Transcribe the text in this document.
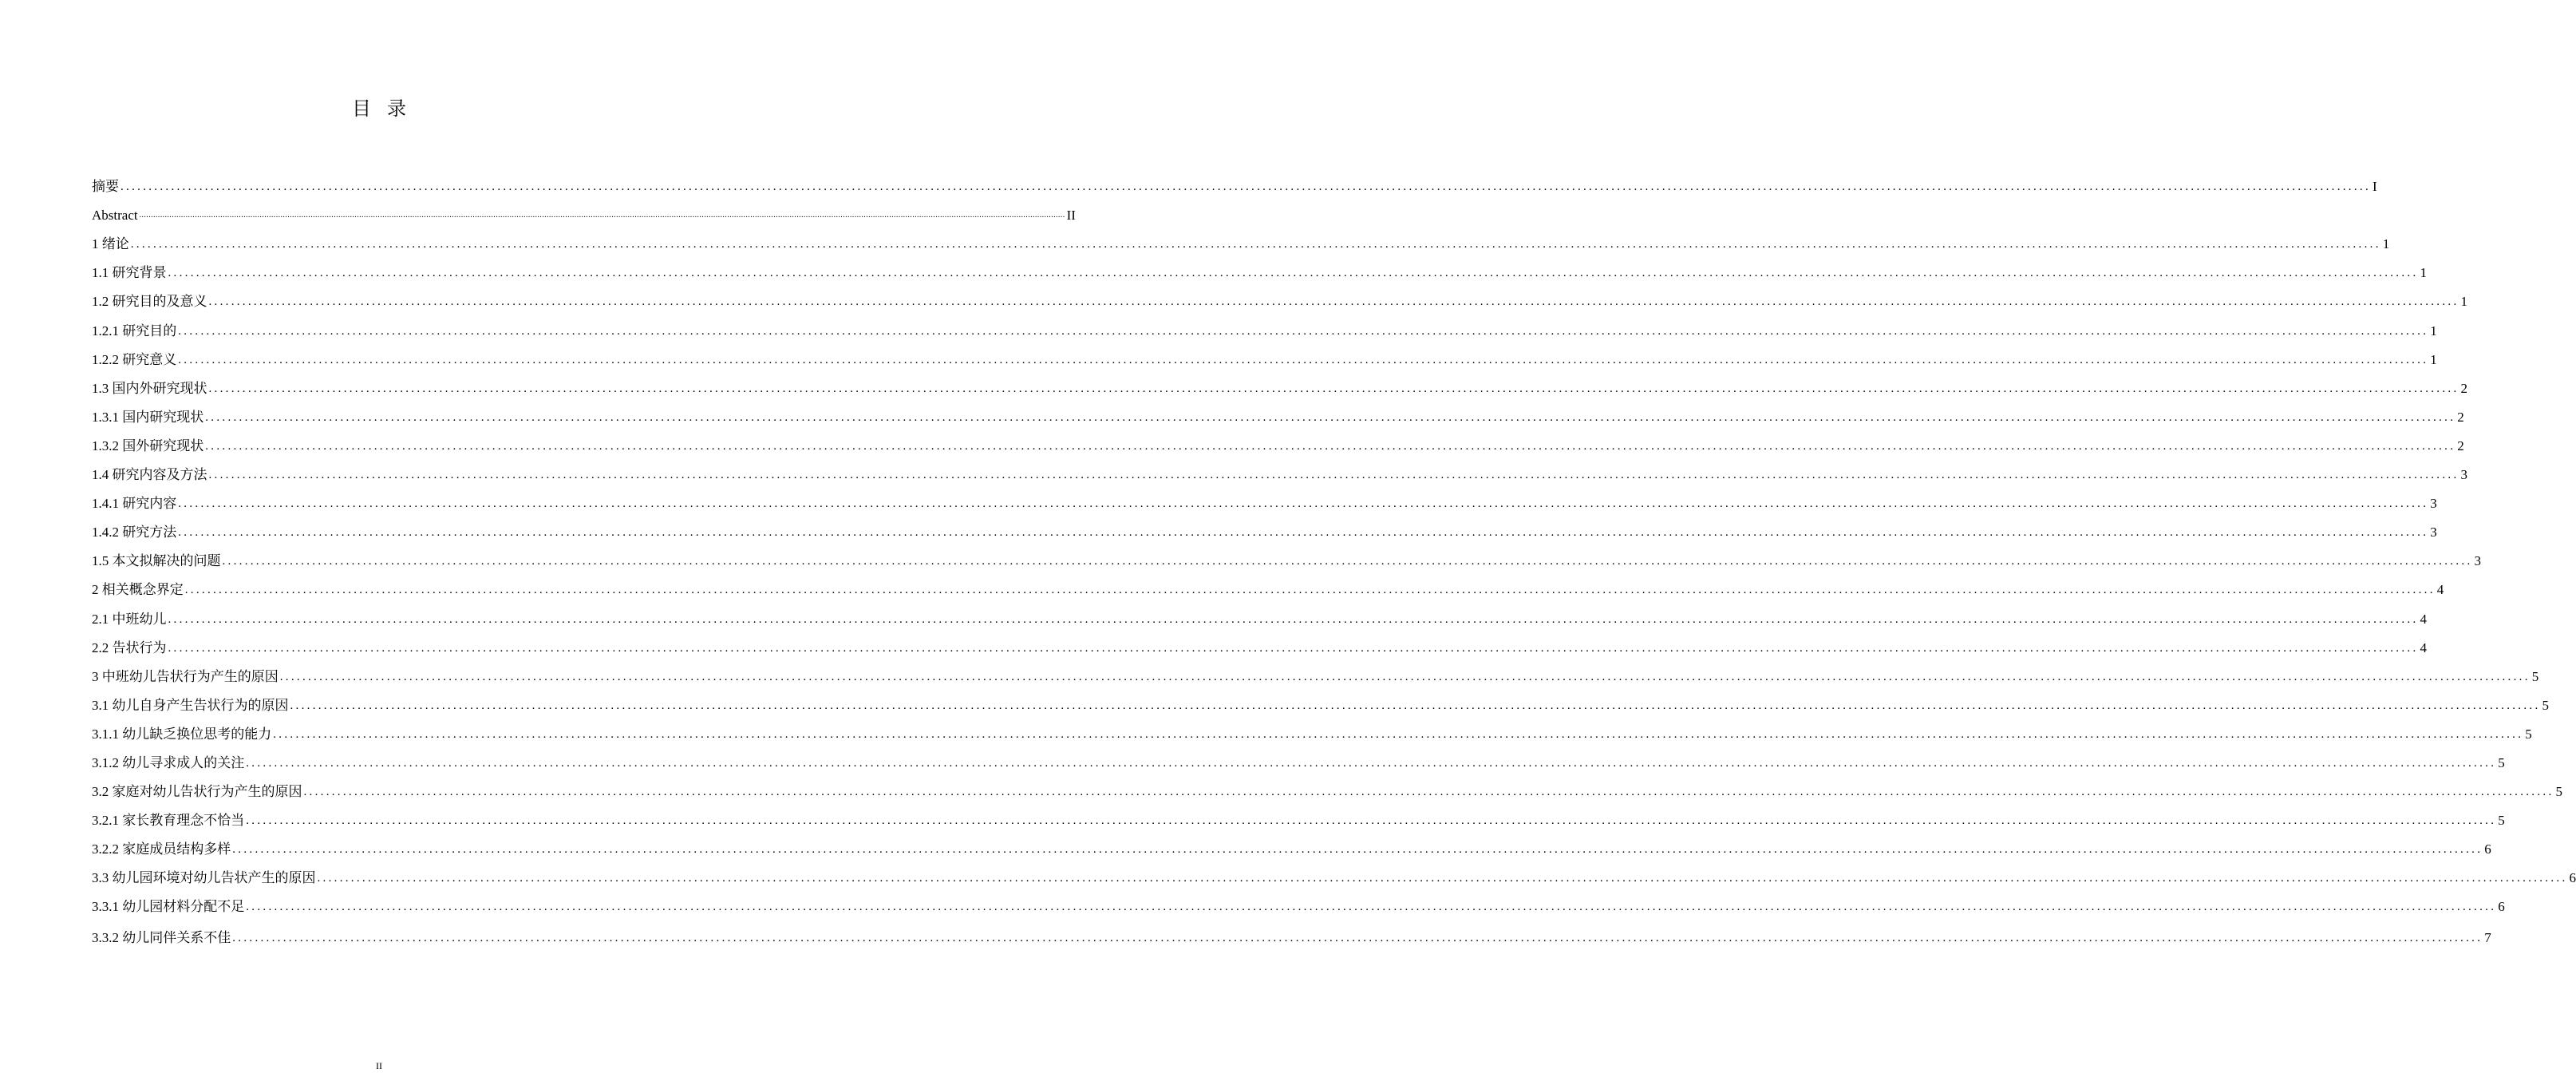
目录
摘要 ................................................................................................................................................................................................................................................................................................................................................................................................................ I
Abstract ................................................................................................................................................................................................................................................................................................................................................................................................................ II
1 绪论 ................................................................................................................................................................................................................................................................................................................................................................................................................ 1
1.1 研究背景 ................................................................................................................................................................................................................................................................................................................................................................................................................ 1
1.2 研究目的及意义 ................................................................................................................................................................................................................................................................................................................................................................................................................ 1
1.2.1 研究目的 ................................................................................................................................................................................................................................................................................................................................................................................................................ 1
1.2.2 研究意义 ................................................................................................................................................................................................................................................................................................................................................................................................................ 1
1.3 国内外研究现状 ................................................................................................................................................................................................................................................................................................................................................................................................................ 2
1.3.1 国内研究现状 ................................................................................................................................................................................................................................................................................................................................................................................................................ 2
1.3.2 国外研究现状 ................................................................................................................................................................................................................................................................................................................................................................................................................ 2
1.4 研究内容及方法 ................................................................................................................................................................................................................................................................................................................................................................................................................ 3
1.4.1 研究内容 ................................................................................................................................................................................................................................................................................................................................................................................................................ 3
1.4.2 研究方法 ................................................................................................................................................................................................................................................................................................................................................................................................................ 3
1.5 本文拟解决的问题 ................................................................................................................................................................................................................................................................................................................................................................................................................ 3
2 相关概念界定 ................................................................................................................................................................................................................................................................................................................................................................................................................ 4
2.1 中班幼儿 ................................................................................................................................................................................................................................................................................................................................................................................................................ 4
2.2 告状行为 ................................................................................................................................................................................................................................................................................................................................................................................................................ 4
3 中班幼儿告状行为产生的原因 ................................................................................................................................................................................................................................................................................................................................................................................................................ 5
3.1 幼儿自身产生告状行为的原因 ................................................................................................................................................................................................................................................................................................................................................................................................................ 5
3.1.1 幼儿缺乏换位思考的能力 ................................................................................................................................................................................................................................................................................................................................................................................................................ 5
3.1.2 幼儿寻求成人的关注 ................................................................................................................................................................................................................................................................................................................................................................................................................ 5
3.2 家庭对幼儿告状行为产生的原因 ................................................................................................................................................................................................................................................................................................................................................................................................................ 5
3.2.1 家长教育理念不恰当 ................................................................................................................................................................................................................................................................................................................................................................................................................ 5
3.2.2 家庭成员结构多样 ................................................................................................................................................................................................................................................................................................................................................................................................................ 6
3.3 幼儿园环境对幼儿告状产生的原因 ................................................................................................................................................................................................................................................................................................................................................................................................................ 6
3.3.1 幼儿园材料分配不足 ................................................................................................................................................................................................................................................................................................................................................................................................................ 6
3.3.2 幼儿同伴关系不佳 ................................................................................................................................................................................................................................................................................................................................................................................................................ 7
II
